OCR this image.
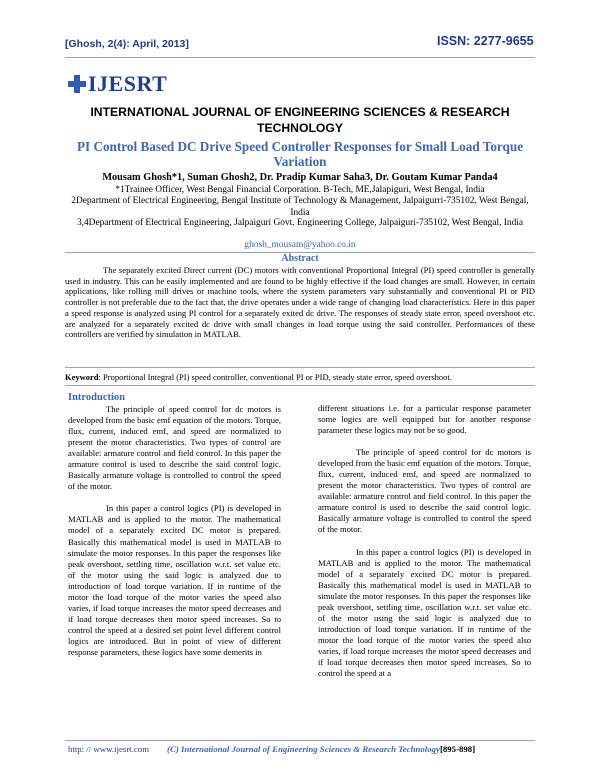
[Ghosh, 2(4): April, 2013]	ISSN: 2277-9655
IJESRT
INTERNATIONAL JOURNAL OF ENGINEERING SCIENCES & RESEARCH TECHNOLOGY
PI Control Based DC Drive Speed Controller Responses for Small Load Torque Variation
Mousam Ghosh*1, Suman Ghosh2, Dr. Pradip Kumar Saha3, Dr. Goutam Kumar Panda4
*1Trainee Officer, West Bengal Financial Corporation. B-Tech, ME,Jalapiguri, West Bengal, India
2Department of Electrical Engineering, Bengal Institute of Technology & Management, Jalpaigurri-735102, West Bengal, India
3,4Department of Electrical Engineering, Jalpaiguri Govt. Engineering College, Jalpaiguri-735102, West Bengal, India
ghosh_mousam@yahoo.co.in
Abstract

The separately excited Direct current (DC) motors with conventional Proportional Integral (PI) speed controller is generally used in industry. This can be easily implemented and are found to be highly effective if the load changes are small. However, in certain applications, like rolling mill drives or machine tools, where the system parameters vary substantially and conventional PI or PID controller is not preferable due to the fact that, the drive operates under a wide range of changing load characteristics. Here in this paper a speed response is analyzed using PI control for a separately exited dc drive. The responses of steady state error, speed overshoot etc. are analyzed for a separately excited dc drive with small changes in load torque using the said controller. Performances of these controllers are verified by simulation in MATLAB.

Keyword: Proportional Integral (PI) speed controller, conventional PI or PID, steady state error, speed overshoot.
Introduction

The principle of speed control for dc motors is developed from the basic emf equation of the motors. Torque, flux, current, induced emf, and speed are normalized to present the motor characteristics. Two types of control are available: armature control and field control. In this paper the armature control is used to describe the said control logic. Basically armature voltage is controlled to control the speed of the motor.

In this paper a control logics (PI) is developed in MATLAB and is applied to the motor. The mathematical model of a separately excited DC motor is prepared. Basically this mathematical model is used in MATLAB to simulate the motor responses. In this paper the responses like peak overshoot, settling time, oscillation w.r.t. set value etc. of the motor using the said logic is analyzed due to introduction of load torque variation. If in runtime of the motor the load torque of the motor varies the speed also varies, if load torque increases the motor speed decreases and if load torque decreases then motor speed increases. So to control the speed at a desired set point level different control logics are introduced. But in point of view of different response parameters, these logics have some demerits in

different situations i.e. for a particular response parameter some logics are well equipped but for another response parameter these logics may not be so good.

The principle of speed control for dc motors is developed from the basic emf equation of the motors. Torque, flux, current, induced emf, and speed are normalized to present the motor characteristics. Two types of control are available: armature control and field control. In this paper the armature control is used to describe the said control logic. Basically armature voltage is controlled to control the speed of the motor.

In this paper a control logics (PI) is developed in MATLAB and is applied to the motor. The mathematical model of a separately excited DC motor is prepared. Basically this mathematical model is used in MATLAB to simulate the motor responses. In this paper the responses like peak overshoot, settling time, oscillation w.r.t. set value etc. of the motor using the said logic is analyzed due to introduction of load torque variation. If in runtime of the motor the load torque of the motor varies the speed also varies, if load torque increases the motor speed decreases and if load torque decreases then motor speed increases. So to control the speed at a

http: // www.ijesrt.com (C) International Journal of Engineering Sciences & Research Technology[895-898]
